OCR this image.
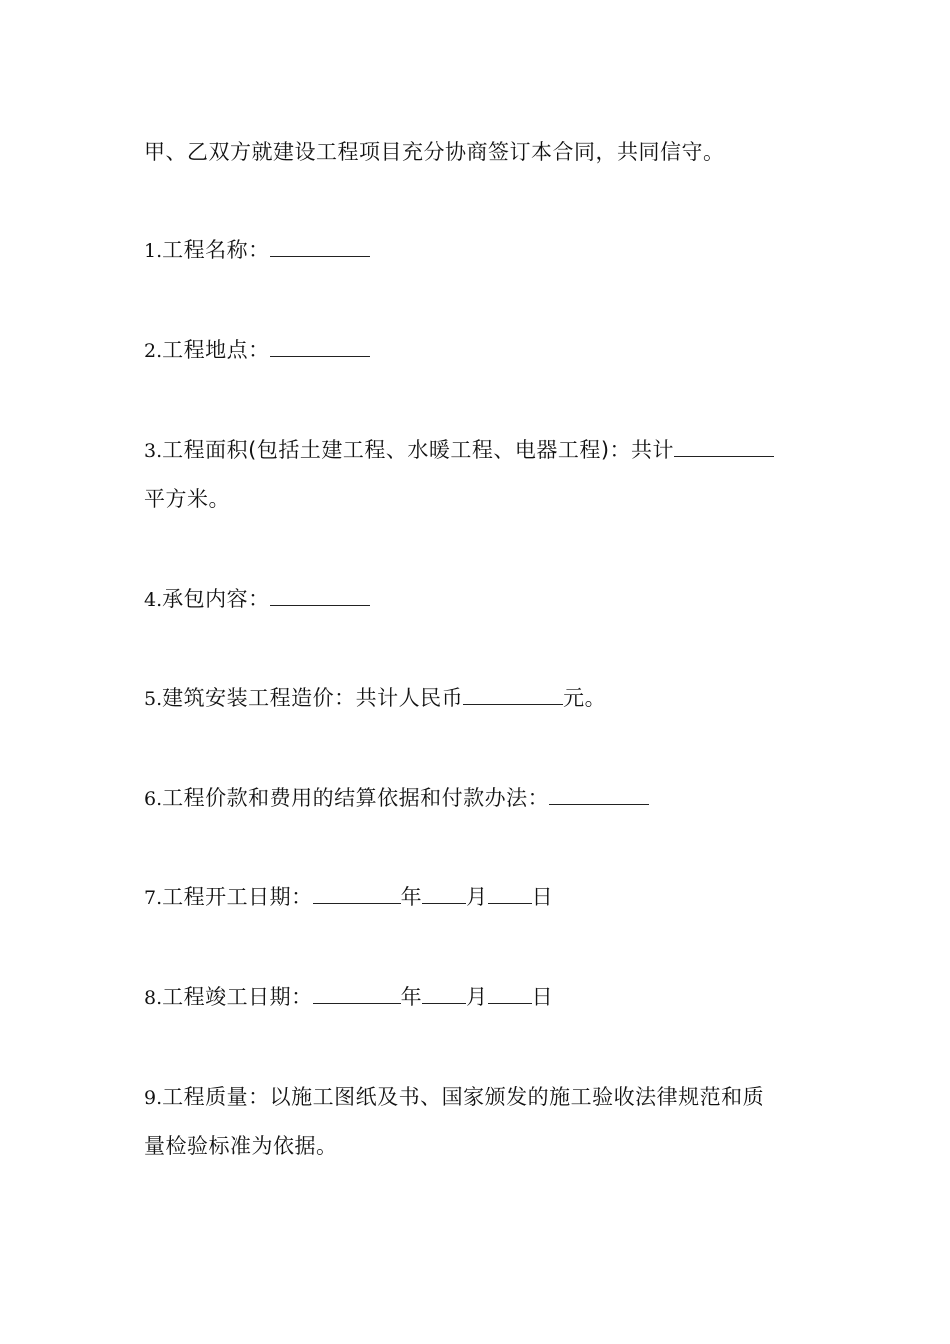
甲、乙双方就建设工程项目充分协商签订本合同，共同信守。
1.工程名称：
2.工程地点：
3.工程面积(包括土建工程、水暖工程、电器工程)：共计
平方米。
4.承包内容：
5.建筑安装工程造价：共计人民币	元。
6.工程价款和费用的结算依据和付款办法：
7.工程开工日期：	年 月 日
8.工程竣工日期：	年 月 日
9.工程质量：以施工图纸及书、国家颁发的施工验收法律规范和质
量检验标准为依据。
